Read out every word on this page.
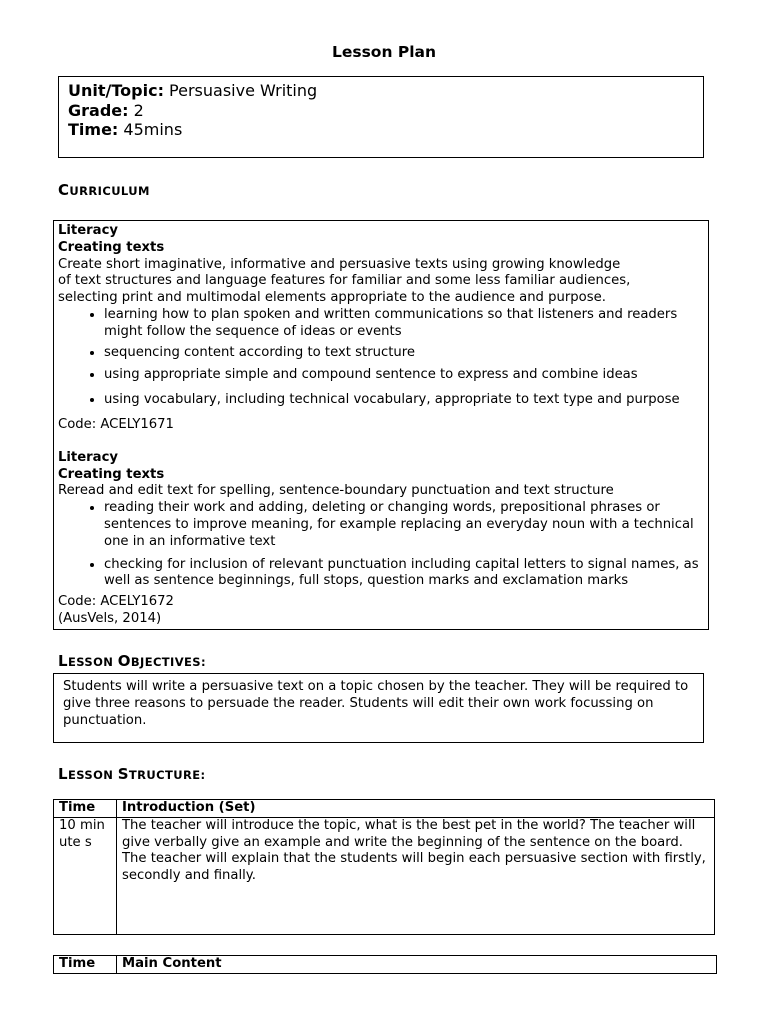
Lesson Plan
Unit/Topic: Persuasive Writing
Grade: 2
Time: 45mins
CURRICULUM
Literacy
Creating texts
Create short imaginative, informative and persuasive texts using growing knowledge
of text structures and language features for familiar and some less familiar audiences,
selecting print and multimodal elements appropriate to the audience and purpose.
• learning how to plan spoken and written communications so that listeners and readers might follow the sequence of ideas or events
• sequencing content according to text structure
• using appropriate simple and compound sentence to express and combine ideas
• using vocabulary, including technical vocabulary, appropriate to text type and purpose
Code: ACELY1671
Literacy
Creating texts
Reread and edit text for spelling, sentence-boundary punctuation and text structure
• reading their work and adding, deleting or changing words, prepositional phrases or sentences to improve meaning, for example replacing an everyday noun with a technical one in an informative text
• checking for inclusion of relevant punctuation including capital letters to signal names, as well as sentence beginnings, full stops, question marks and exclamation marks
Code: ACELY1672
(AusVels, 2014)
LESSON OBJECTIVES:
Students will write a persuasive text on a topic chosen by the teacher. They will be required to give three reasons to persuade the reader. Students will edit their own work focussing on punctuation.
LESSON STRUCTURE:
Time	Introduction (Set)
10 minute s	The teacher will introduce the topic, what is the best pet in the world? The teacher will give verbally give an example and write the beginning of the sentence on the board. The teacher will explain that the students will begin each persuasive section with firstly, secondly and finally.
Time	Main Content
